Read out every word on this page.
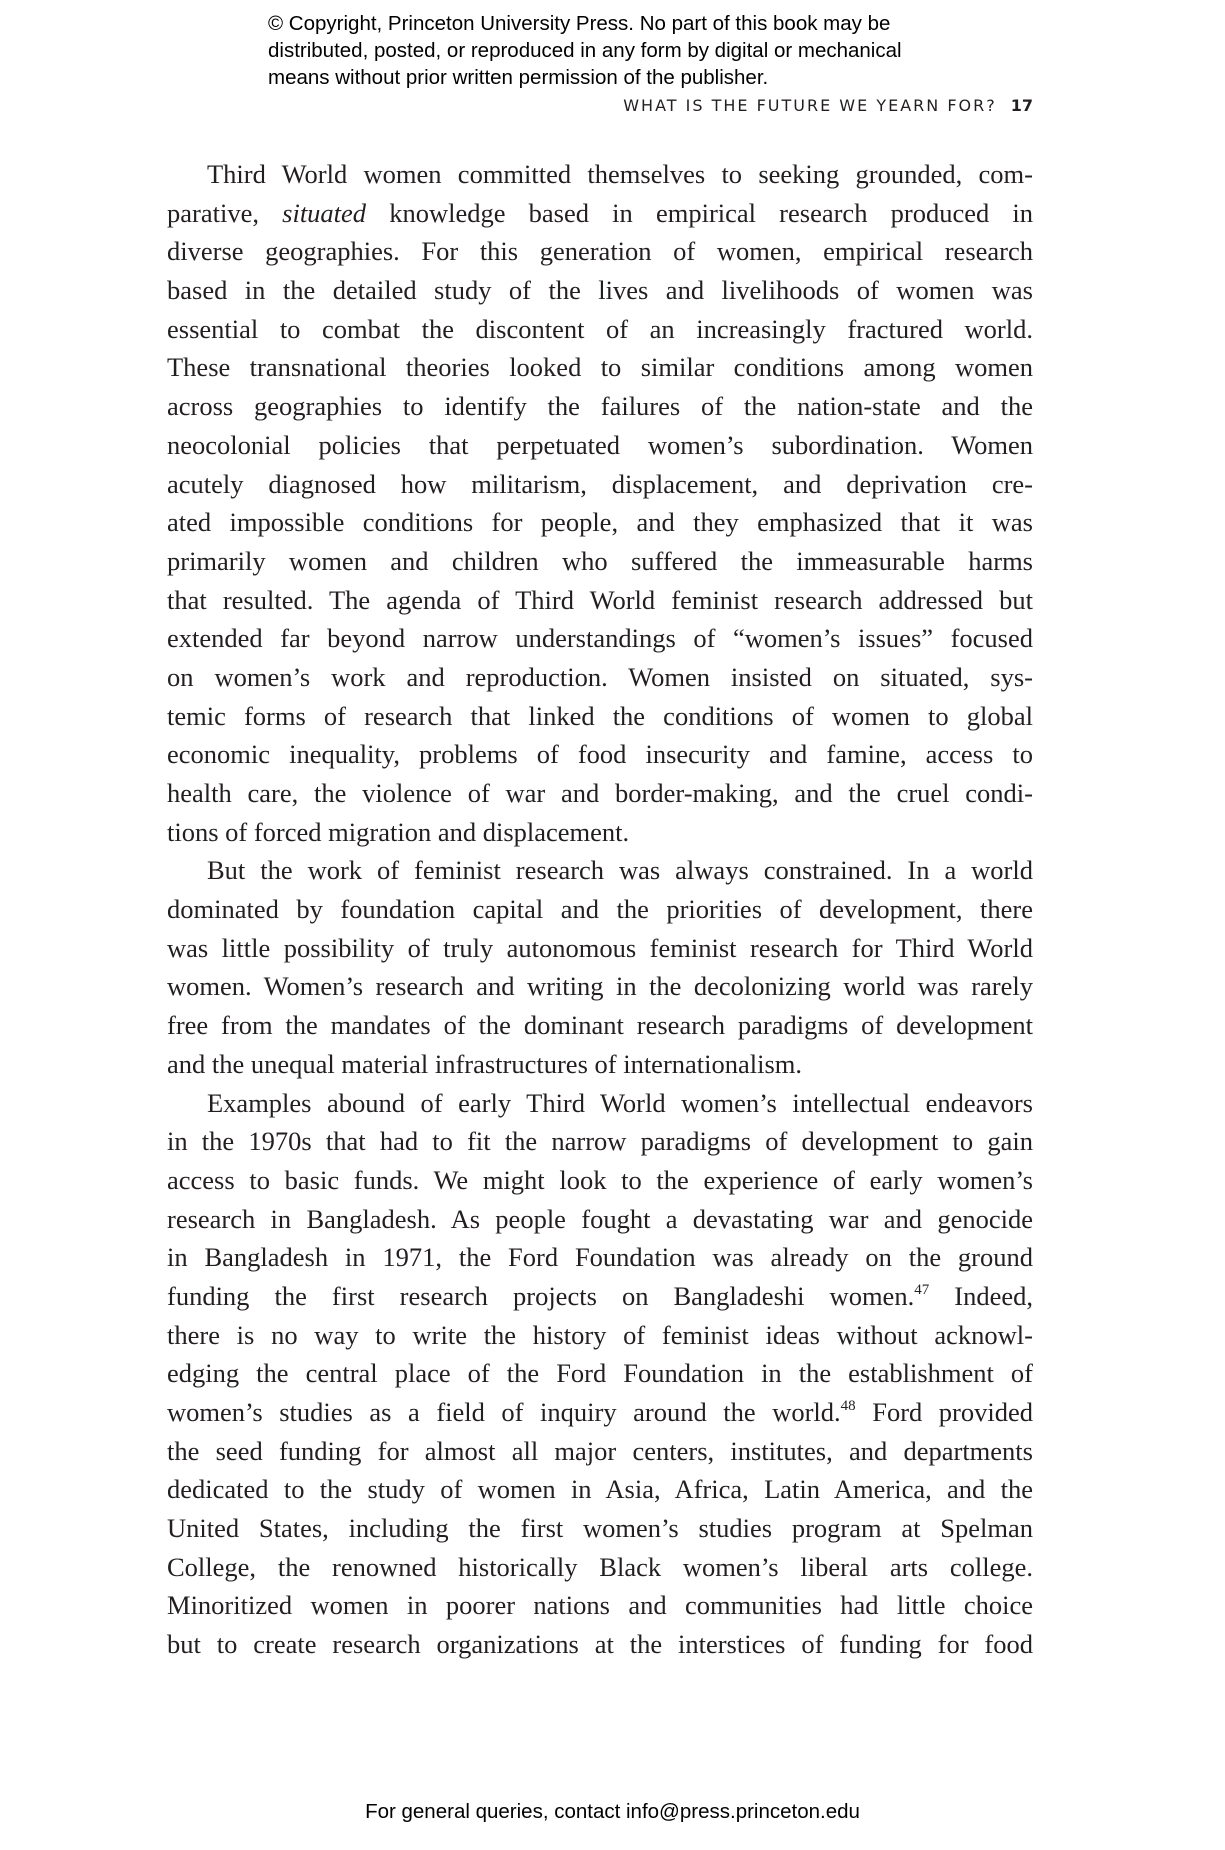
© Copyright, Princeton University Press. No part of this book may be
distributed, posted, or reproduced in any form by digital or mechanical
means without prior written permission of the publisher.
WHAT IS THE FUTURE WE YEARN FOR? 17
Third World women committed themselves to seeking grounded, com-
parative, situated knowledge based in empirical research produced in
diverse geographies. For this generation of women, empirical research
based in the detailed study of the lives and livelihoods of women was
essential to combat the discontent of an increasingly fractured world.
These transnational theories looked to similar conditions among women
across geographies to identify the failures of the nation-state and the
neocolonial policies that perpetuated women’s subordination. Women
acutely diagnosed how militarism, displacement, and deprivation cre-
ated impossible conditions for people, and they emphasized that it was
primarily women and children who suffered the immeasurable harms
that resulted. The agenda of Third World feminist research addressed but
extended far beyond narrow understandings of “women’s issues” focused
on women’s work and reproduction. Women insisted on situated, sys-
temic forms of research that linked the conditions of women to global
economic inequality, problems of food insecurity and famine, access to
health care, the violence of war and border-making, and the cruel condi-
tions of forced migration and displacement.
But the work of feminist research was always constrained. In a world
dominated by foundation capital and the priorities of development, there
was little possibility of truly autonomous feminist research for Third World
women. Women’s research and writing in the decolonizing world was rarely
free from the mandates of the dominant research paradigms of development
and the unequal material infrastructures of internationalism.
Examples abound of early Third World women’s intellectual endeavors
in the 1970s that had to fit the narrow paradigms of development to gain
access to basic funds. We might look to the experience of early women’s
research in Bangladesh. As people fought a devastating war and genocide
in Bangladesh in 1971, the Ford Foundation was already on the ground
funding the first research projects on Bangladeshi women.$^{47}$ Indeed,
there is no way to write the history of feminist ideas without acknowl-
edging the central place of the Ford Foundation in the establishment of
women’s studies as a field of inquiry around the world.$^{48}$ Ford provided
the seed funding for almost all major centers, institutes, and departments
dedicated to the study of women in Asia, Africa, Latin America, and the
United States, including the first women’s studies program at Spelman
College, the renowned historically Black women’s liberal arts college.
Minoritized women in poorer nations and communities had little choice
but to create research organizations at the interstices of funding for food
For general queries, contact info@press.princeton.edu
